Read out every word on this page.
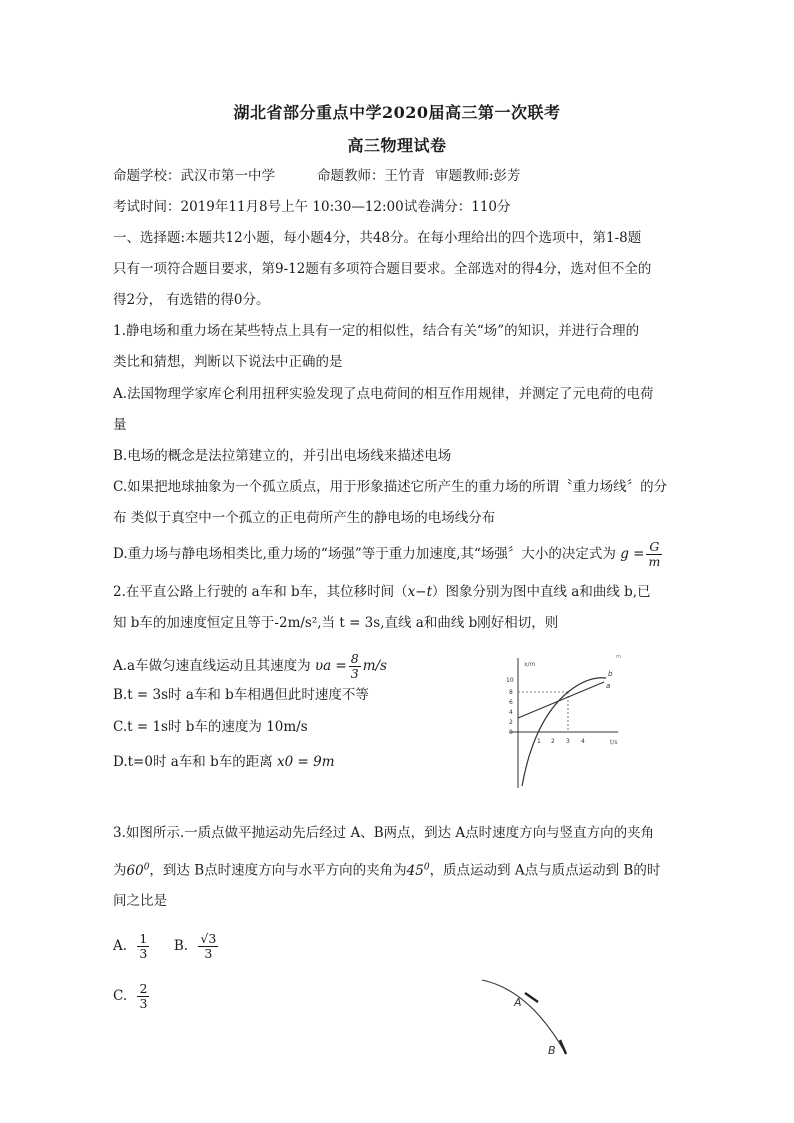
湖北省部分重点中学2020届高三第一次联考
高三物理试卷
命题学校：武汉市第一中学	命题教师：王竹青 审题教师:彭芳
考试时间：2019年11月8号上午 10:30—12:00试卷满分：110分
一、选择题:本题共12小题，每小题4分，共48分。在每小理给出的四个选项中，第1-8题
只有一项符合题目要求，第9-12题有多项符合题目要求。全部选对的得4分，选对但不全的
得2分， 有选错的得0分。
1.静电场和重力场在某些特点上具有一定的相似性，结合有关“场”的知识，并进行合理的
类比和猜想，判断以下说法中正确的是
A.法国物理学家库仑利用扭秤实验发现了点电荷间的相互作用规律，并测定了元电荷的电荷
量
B.电场的概念是法拉第建立的，并引出电场线来描述电场
C.如果把地球抽象为一个孤立质点，用于形象描述它所产生的重力场的所谓〝重力场线〞的分
布 类似于真空中一个孤立的正电荷所产生的静电场的电场线分布
D.重力场与静电场相类比,重力场的“场强”等于重力加速度,其“场强〞大小的决定式为 $g = \frac{G}{m}$
2.在平直公路上行驶的 a车和 b车，其位移时间（x−t）图象分别为图中直线 a和曲线 b,已
知 b车的加速度恒定且等于-2m/s²,当 t = 3s,直线 a和曲线 b刚好相切，则
A.a车做匀速直线运动且其速度为 $\upsilon a = \frac{8}{3} m/s$
B.t = 3s时 a车和 b车相遇但此时速度不等
C.t = 1s时 b车的速度为 10m/s
D.t=0时 a车和 b车的距离 x0 = 9m
x/m
t/s
m
10
8
6
4
2
0
1 2 3 4
a
b
3.如图所示.一质点做平抛运动先后经过 A、B两点，到达 A点时速度方向与竖直方向的夹角
为$60^0$，到达 B点时速度方向与水平方向的夹角为$45^0$，质点运动到 A点与质点运动到 B的时
间之比是
A. $\frac{1}{3} B$. $\frac{√3}{3}$
C. $\frac{2}{3}$	A
B
